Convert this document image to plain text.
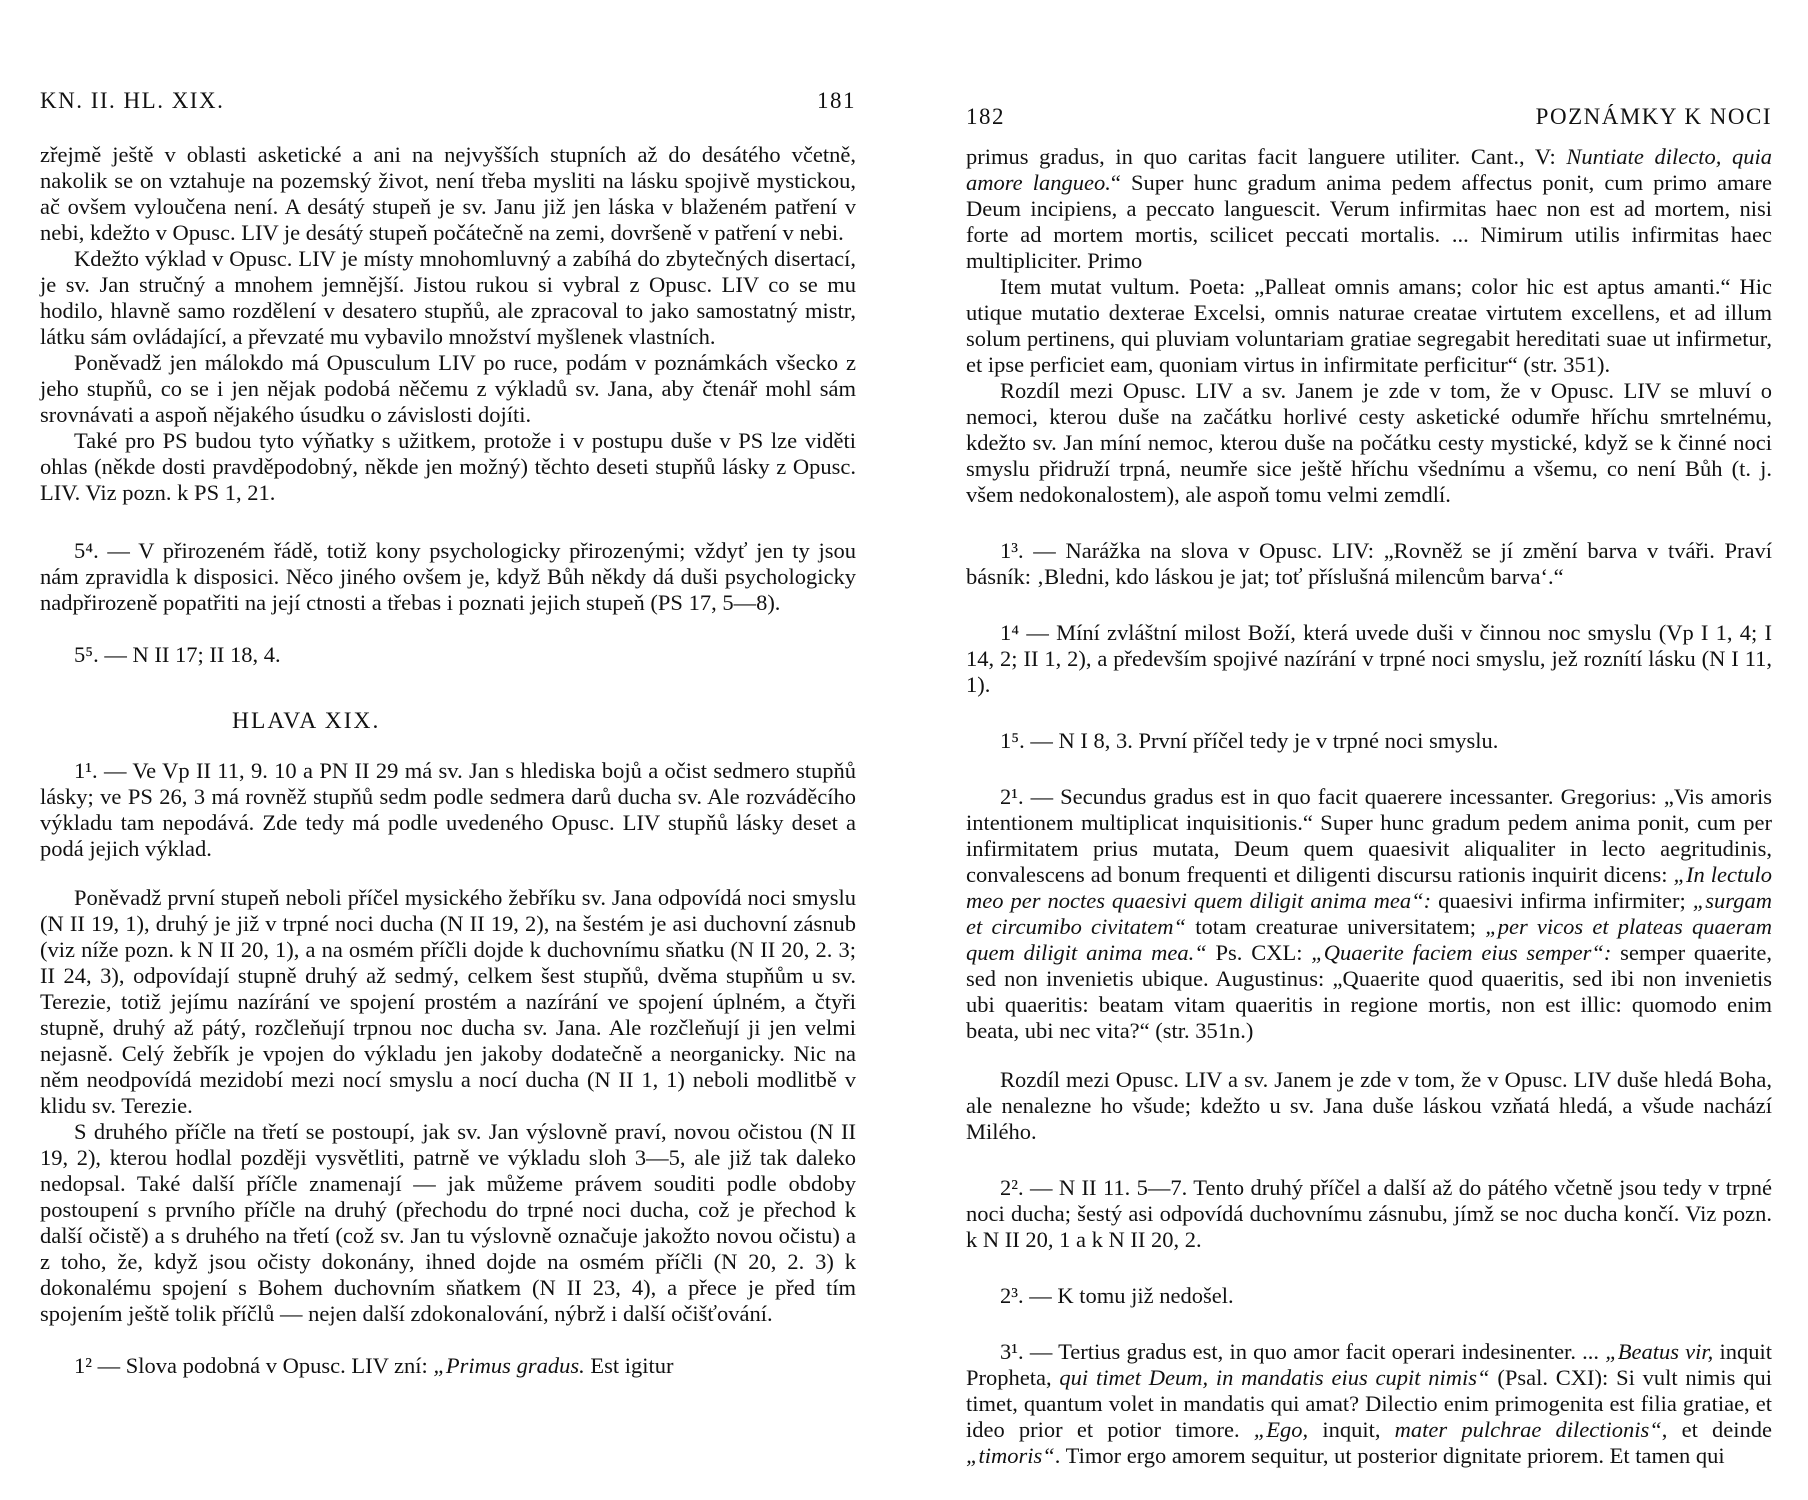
KN. II. HL. XIX.	181

zřejmě ještě v oblasti asketické a ani na nejvyšších stupních až do desátého včetně, nakolik se on vztahuje na pozemský život, není třeba mysliti na lásku spojivě mystickou, ač ovšem vyloučena není. A desátý stupeň je sv. Janu již jen láska v blaženém patření v nebi, kdežto v Opusc. LIV je desátý stupeň počátečně na zemi, dovršeně v patření v nebi.

Kdežto výklad v Opusc. LIV je místy mnohomluvný a zabíhá do zbytečných disertací, je sv. Jan stručný a mnohem jemnější. Jistou rukou si vybral z Opusc. LIV co se mu hodilo, hlavně samo rozdělení v desatero stupňů, ale zpracoval to jako samostatný mistr, látku sám ovládající, a převzaté mu vybavilo množství myšlenek vlastních.

Poněvadž jen málokdo má Opusculum LIV po ruce, podám v poznámkách všecko z jeho stupňů, co se i jen nějak podobá něčemu z výkladů sv. Jana, aby čtenář mohl sám srovnávati a aspoň nějakého úsudku o závislosti dojíti.

Také pro PS budou tyto výňatky s užitkem, protože i v postupu duše v PS lze viděti ohlas (někde dosti pravděpodobný, někde jen možný) těchto deseti stupňů lásky z Opusc. LIV. Viz pozn. k PS 1, 21.

5⁴. — V přirozeném řádě, totiž kony psychologicky přirozenými; vždyť jen ty jsou nám zpravidla k disposici. Něco jiného ovšem je, když Bůh někdy dá duši psychologicky nadpřirozeně popatřiti na její ctnosti a třebas i poznati jejich stupeň (PS 17, 5—8).

5⁵. — N II 17; II 18, 4.

HLAVA XIX.

1¹. — Ve Vp II 11, 9. 10 a PN II 29 má sv. Jan s hlediska bojů a očist sedmero stupňů lásky; ve PS 26, 3 má rovněž stupňů sedm podle sedmera darů ducha sv. Ale rozváděcího výkladu tam nepodává. Zde tedy má podle uvedeného Opusc. LIV stupňů lásky deset a podá jejich výklad.

Poněvadž první stupeň neboli příčel mysického žebříku sv. Jana odpovídá noci smyslu (N II 19, 1), druhý je již v trpné noci ducha (N II 19, 2), na šestém je asi duchovní zásnub (viz níže pozn. k N II 20, 1), a na osmém příčli dojde k duchovnímu sňatku (N II 20, 2. 3; II 24, 3), odpovídají stupně druhý až sedmý, celkem šest stupňů, dvěma stupňům u sv. Terezie, totiž jejímu nazírání ve spojení prostém a nazírání ve spojení úplném, a čtyři stupně, druhý až pátý, rozčleňují trpnou noc ducha sv. Jana. Ale rozčleňují ji jen velmi nejasně. Celý žebřík je vpojen do výkladu jen jakoby dodatečně a neorganicky. Nic na něm neodpovídá mezidobí mezi nocí smyslu a nocí ducha (N II 1, 1) neboli modlitbě v klidu sv. Terezie.

S druhého příčle na třetí se postoupí, jak sv. Jan výslovně praví, novou očistou (N II 19, 2), kterou hodlal později vysvětliti, patrně ve výkladu sloh 3—5, ale již tak daleko nedopsal. Také další příčle znamenají — jak můžeme právem souditi podle obdoby postoupení s prvního příčle na druhý (přechodu do trpné noci ducha, což je přechod k další očistě) a s druhého na třetí (což sv. Jan tu výslovně označuje jakožto novou očistu) a z toho, že, když jsou očisty dokonány, ihned dojde na osmém příčli (N 20, 2. 3) k dokonalému spojení s Bohem duchovním sňatkem (N II 23, 4), a přece je před tím spojením ještě tolik příčlů — nejen další zdokonalování, nýbrž i další očišťování.

1² — Slova podobná v Opusc. LIV zní: „Primus gradus. Est igitur

182	POZNÁMKY K NOCI

primus gradus, in quo caritas facit languere utiliter. Cant., V: Nuntiate dilecto, quia amore langueo.“ Super hunc gradum anima pedem affectus ponit, cum primo amare Deum incipiens, a peccato languescit. Verum infirmitas haec non est ad mortem, nisi forte ad mortem mortis, scilicet peccati mortalis. ... Nimirum utilis infirmitas haec multipliciter. Primo

Item mutat vultum. Poeta: „Palleat omnis amans; color hic est aptus amanti.“ Hic utique mutatio dexterae Excelsi, omnis naturae creatae virtutem excellens, et ad illum solum pertinens, qui pluviam voluntariam gratiae segregabit hereditati suae ut infirmetur, et ipse perficiet eam, quoniam virtus in infirmitate perficitur“ (str. 351).

Rozdíl mezi Opusc. LIV a sv. Janem je zde v tom, že v Opusc. LIV se mluví o nemoci, kterou duše na začátku horlivé cesty asketické odumře hříchu smrtelnému, kdežto sv. Jan míní nemoc, kterou duše na počátku cesty mystické, když se k činné noci smyslu přidruží trpná, neumře sice ještě hříchu všednímu a všemu, co není Bůh (t. j. všem nedokonalostem), ale aspoň tomu velmi zemdlí.

1³. — Narážka na slova v Opusc. LIV: „Rovněž se jí změní barva v tváři. Praví básník: ‚Bledni, kdo láskou je jat; toť příslušná milencům barva‘.“

1⁴ — Míní zvláštní milost Boží, která uvede duši v činnou noc smyslu (Vp I 1, 4; I 14, 2; II 1, 2), a především spojivé nazírání v trpné noci smyslu, jež roznítí lásku (N I 11, 1).

1⁵. — N I 8, 3. První příčel tedy je v trpné noci smyslu.

2¹. — Secundus gradus est in quo facit quaerere incessanter. Gregorius: „Vis amoris intentionem multiplicat inquisitionis.“ Super hunc gradum pedem anima ponit, cum per infirmitatem prius mutata, Deum quem quaesivit aliqualiter in lecto aegritudinis, convalescens ad bonum frequenti et diligenti discursu rationis inquirit dicens: „In lectulo meo per noctes quaesivi quem diligit anima mea“: quaesivi infirma infirmiter; „surgam et circumibo civitatem“ totam creaturae universitatem; „per vicos et plateas quaeram quem diligit anima mea.“ Ps. CXL: „Quaerite faciem eius semper“: semper quaerite, sed non invenietis ubique. Augustinus: „Quaerite quod quaeritis, sed ibi non invenietis ubi quaeritis: beatam vitam quaeritis in regione mortis, non est illic: quomodo enim beata, ubi nec vita?“ (str. 351n.)

Rozdíl mezi Opusc. LIV a sv. Janem je zde v tom, že v Opusc. LIV duše hledá Boha, ale nenalezne ho všude; kdežto u sv. Jana duše láskou vzňatá hledá, a všude nachází Milého.

2². — N II 11. 5—7. Tento druhý příčel a další až do pátého včetně jsou tedy v trpné noci ducha; šestý asi odpovídá duchovnímu zásnubu, jímž se noc ducha končí. Viz pozn. k N II 20, 1 a k N II 20, 2.

2³. — K tomu již nedošel.

3¹. — Tertius gradus est, in quo amor facit operari indesinenter. ... „Beatus vir, inquit Propheta, qui timet Deum, in mandatis eius cupit nimis“ (Psal. CXI): Si vult nimis qui timet, quantum volet in mandatis qui amat? Dilectio enim primogenita est filia gratiae, et ideo prior et potior timore. „Ego, inquit, mater pulchrae dilectionis“, et deinde „timoris“. Timor ergo amorem sequitur, ut posterior dignitate priorem. Et tamen qui
